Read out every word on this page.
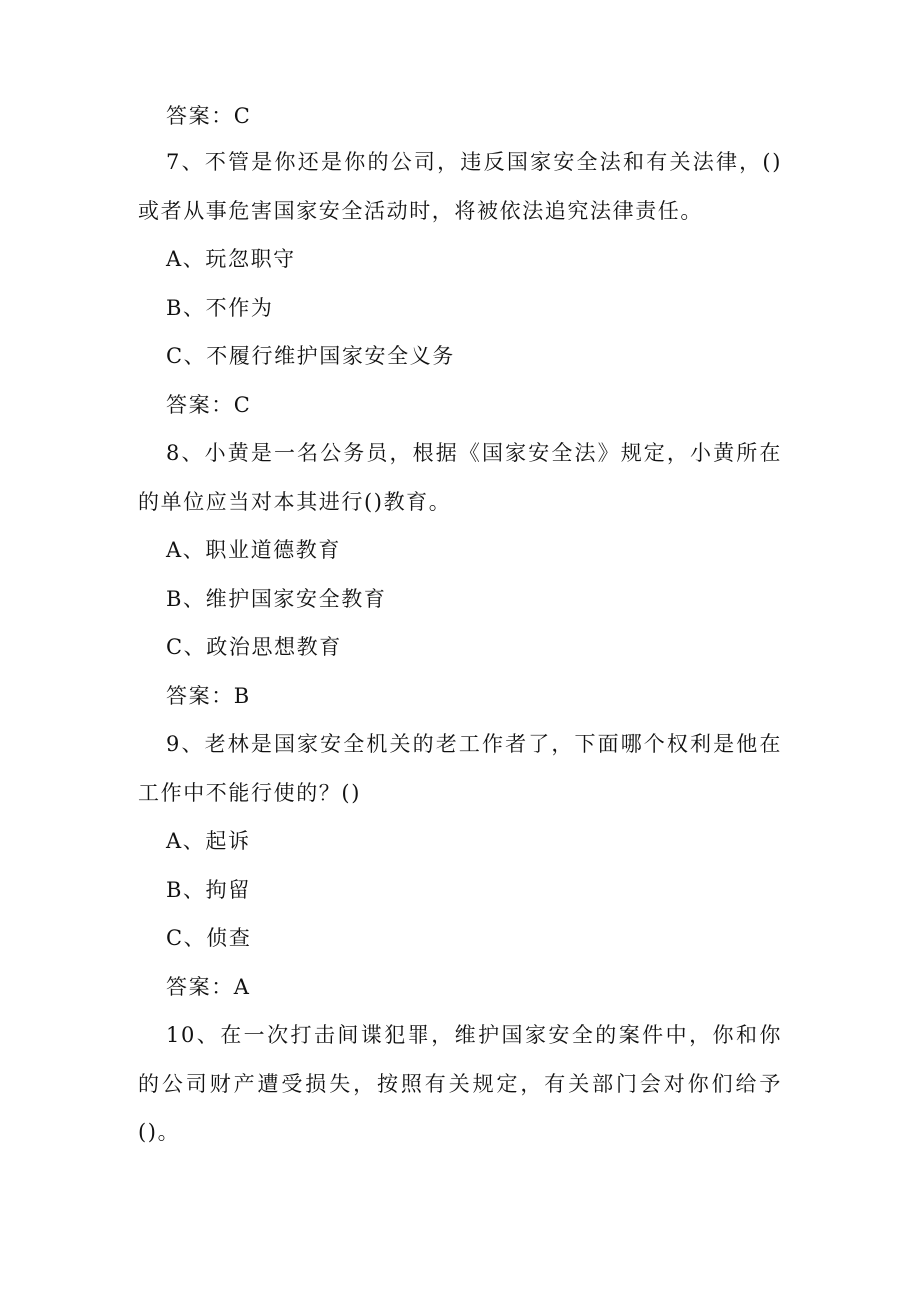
答案：C
7、不管是你还是你的公司，违反国家安全法和有关法律，()
或者从事危害国家安全活动时，将被依法追究法律责任。
A、玩忽职守
B、不作为
C、不履行维护国家安全义务
答案：C
8、小黄是一名公务员，根据《国家安全法》规定，小黄所在
的单位应当对本其进行()教育。
A、职业道德教育
B、维护国家安全教育
C、政治思想教育
答案：B
9、老林是国家安全机关的老工作者了，下面哪个权利是他在
工作中不能行使的？()
A、起诉
B、拘留
C、侦查
答案：A
10、在一次打击间谍犯罪，维护国家安全的案件中，你和你
的公司财产遭受损失，按照有关规定，有关部门会对你们给予
()。
